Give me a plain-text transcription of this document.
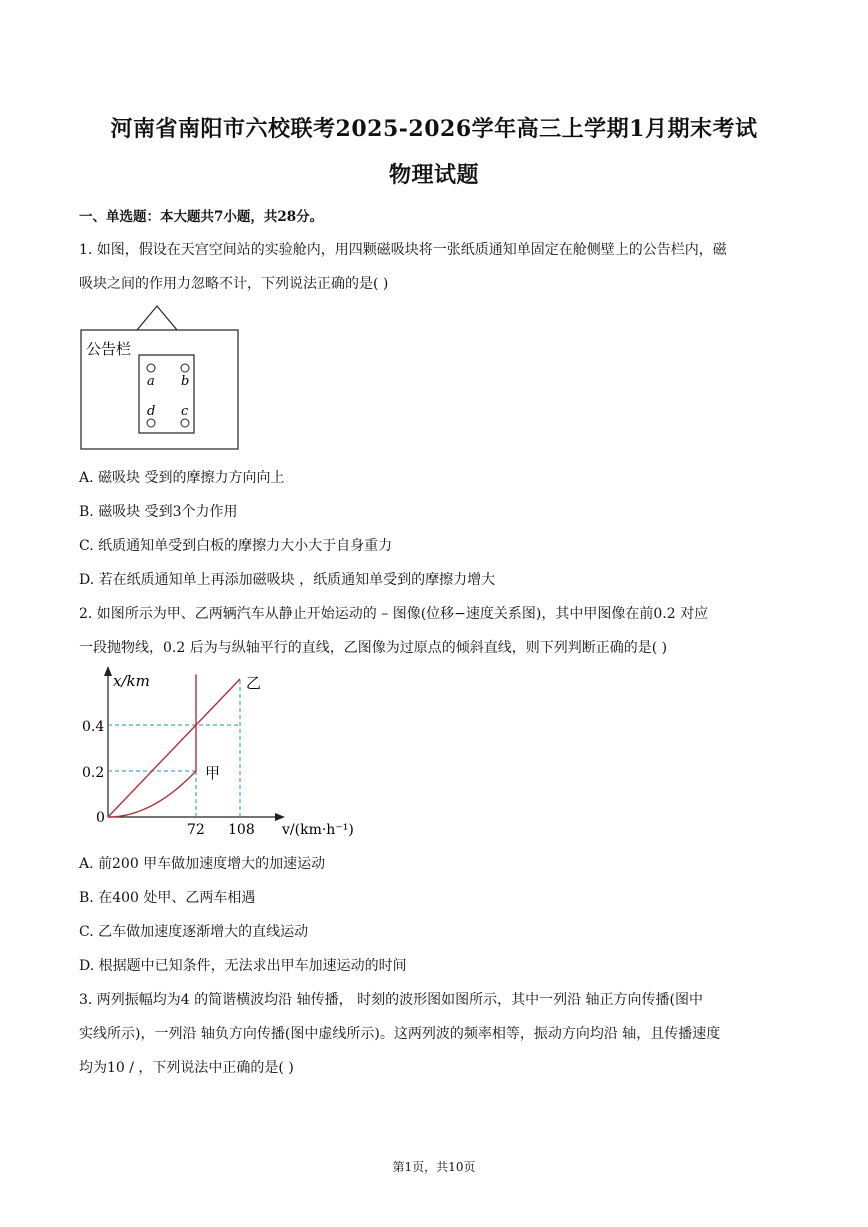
河南省南阳市六校联考2025-2026学年高三上学期1月期末考试
物理试题
一、单选题：本大题共7小题，共28分。
1. 如图，假设在天宫空间站的实验舱内，用四颗磁吸块将一张纸质通知单固定在舱侧壁上的公告栏内，磁
吸块之间的作用力忽略不计，下列说法正确的是( )
公告栏
a b
d c
A. 磁吸块 受到的摩擦力方向向上
B. 磁吸块 受到3个力作用
C. 纸质通知单受到白板的摩擦力大小大于自身重力
D. 若在纸质通知单上再添加磁吸块 ，纸质通知单受到的摩擦力增大
2. 如图所示为甲、乙两辆汽车从静止开始运动的 – 图像(位移−速度关系图)，其中甲图像在前0.2 对应
一段抛物线，0.2 后为与纵轴平行的直线，乙图像为过原点的倾斜直线，则下列判断正确的是( )
x/km
v/(km·h⁻¹)
0
0.4
0.2
72 108
乙
甲
A. 前200 甲车做加速度增大的加速运动
B. 在400 处甲、乙两车相遇
C. 乙车做加速度逐渐增大的直线运动
D. 根据题中已知条件，无法求出甲车加速运动的时间
3. 两列振幅均为4 的简谐横波均沿 轴传播， 时刻的波形图如图所示，其中一列沿 轴正方向传播(图中
实线所示)，一列沿 轴负方向传播(图中虚线所示)。这两列波的频率相等，振动方向均沿 轴，且传播速度
均为10 / ，下列说法中正确的是( )
第1页，共10页
